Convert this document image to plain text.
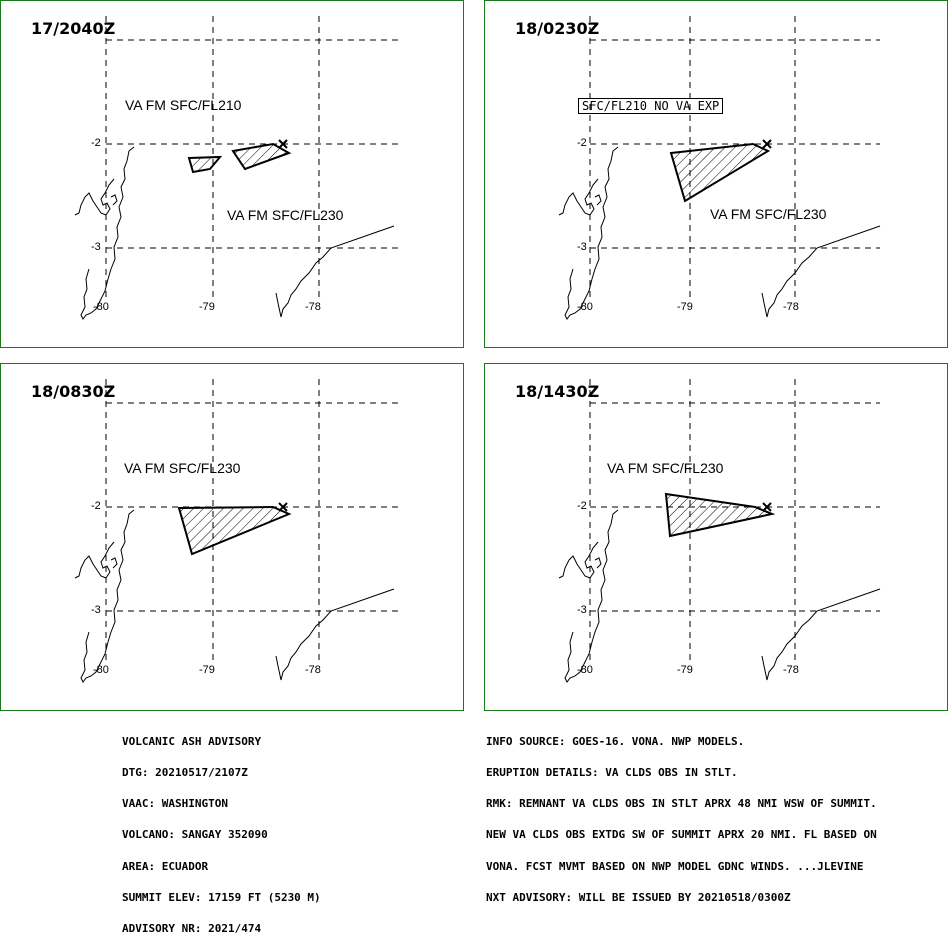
17/2040Z
VA FM SFC/FL210
VA FM SFC/FL230
-2
-3
-80	-79	-78
18/0230Z
SFC/FL210 NO VA EXP
VA FM SFC/FL230
-2
-3
-80	-79	-78
18/0830Z
VA FM SFC/FL230
-2
-3
-80	-79	-78
18/1430Z
VA FM SFC/FL230
-2
-3
-80	-79	-78

VOLCANIC ASH ADVISORY

DTG: 20210517/2107Z

VAAC: WASHINGTON

VOLCANO: SANGAY 352090

AREA: ECUADOR

SUMMIT ELEV: 17159 FT (5230 M)

ADVISORY NR: 2021/474

INFO SOURCE: GOES-16. VONA. NWP MODELS.

ERUPTION DETAILS: VA CLDS OBS IN STLT.

RMK: REMNANT VA CLDS OBS IN STLT APRX 48 NMI WSW OF SUMMIT.

NEW VA CLDS OBS EXTDG SW OF SUMMIT APRX 20 NMI. FL BASED ON

VONA. FCST MVMT BASED ON NWP MODEL GDNC WINDS. ...JLEVINE

NXT ADVISORY: WILL BE ISSUED BY 20210518/0300Z
